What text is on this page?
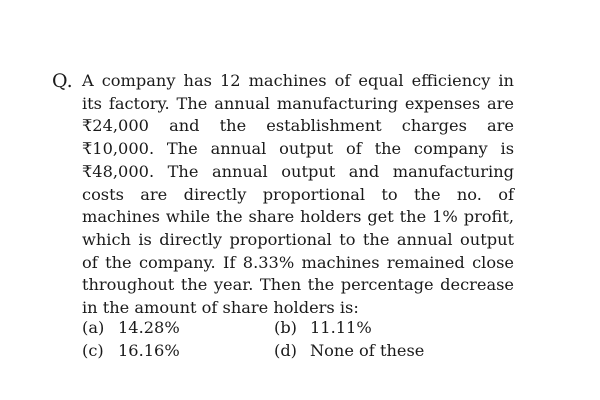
Q. A company has 12 machines of equal efficiency in its factory. The annual manufacturing expenses are ₹24,000 and the establishment charges are ₹10,000. The annual output of the company is ₹48,000. The annual output and manufacturing costs are directly proportional to the no. of machines while the share holders get the 1% profit, which is directly proportional to the annual output of the company. If 8.33% machines remained close throughout the year. Then the percentage decrease in the amount of share holders is:
(a) 14.28%	(b) 11.11%
(c) 16.16%	(d) None of these
